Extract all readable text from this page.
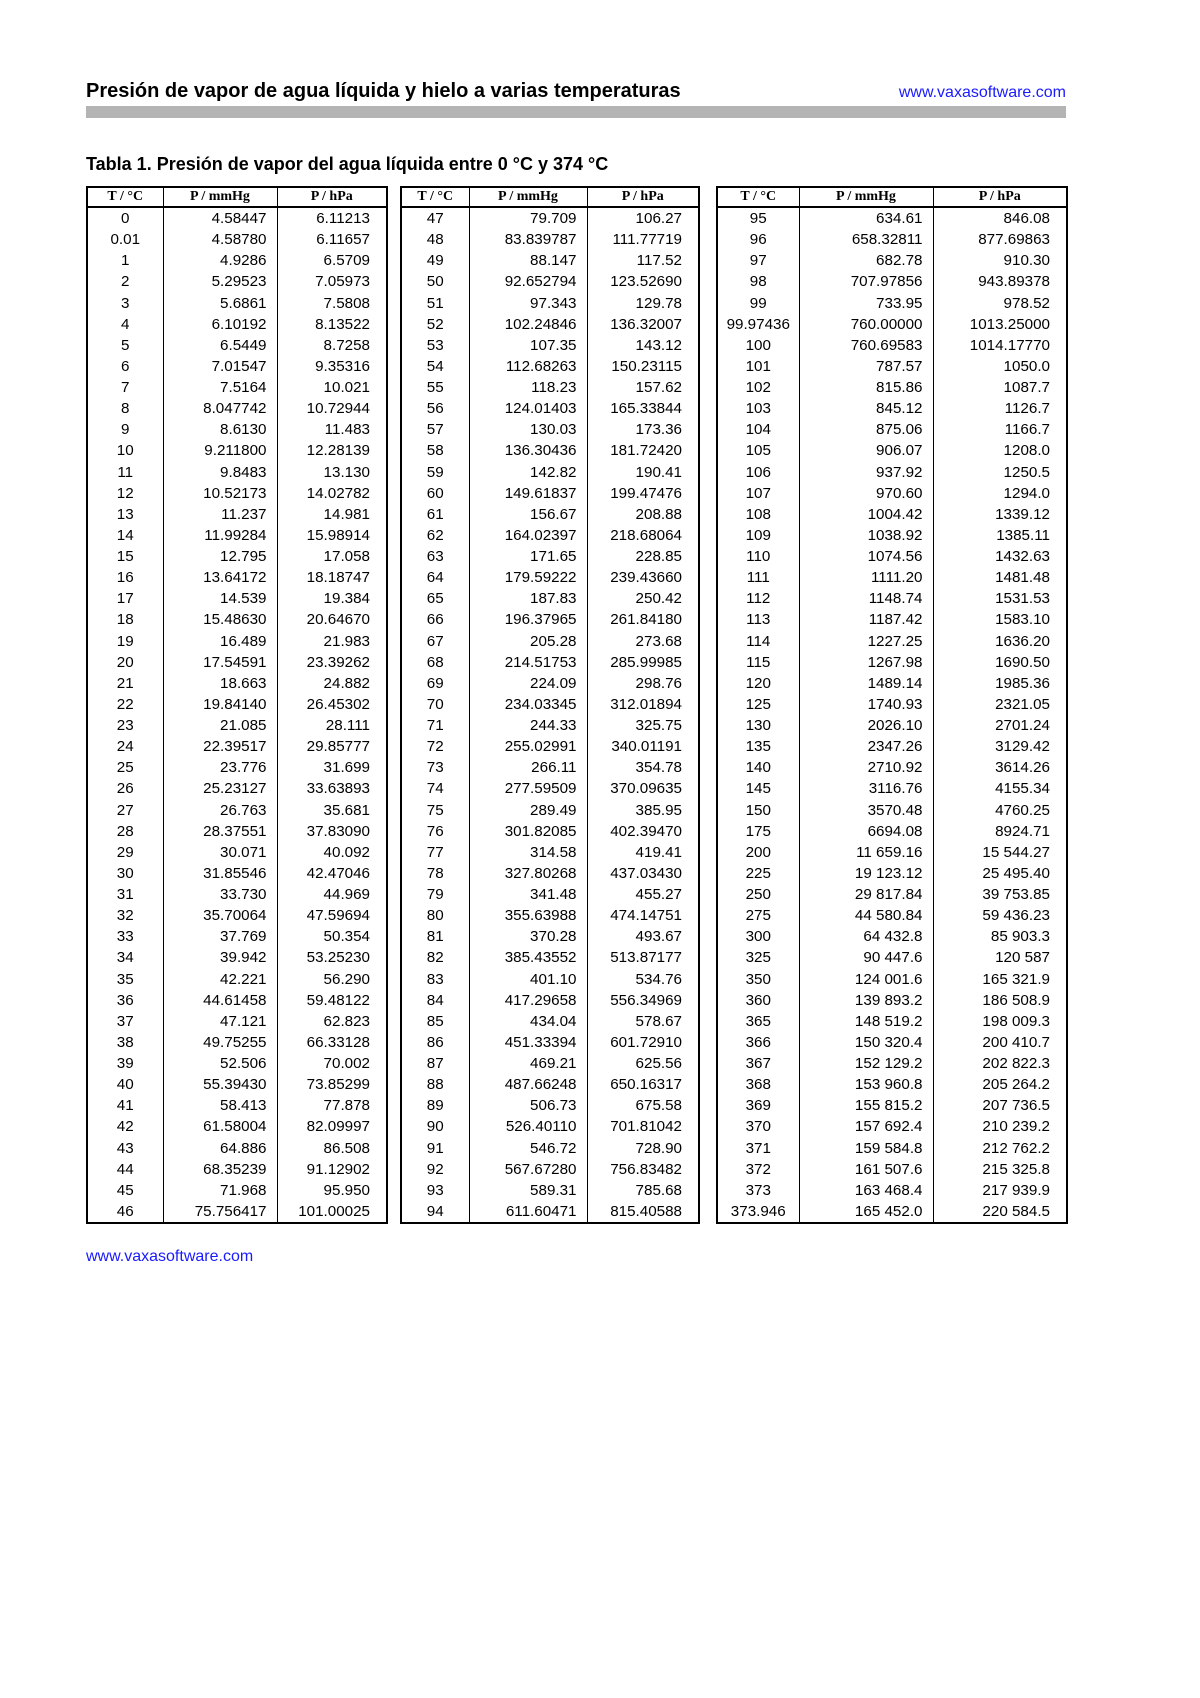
Presión de vapor de agua líquida y hielo a varias temperaturas	www.vaxasoftware.com
Tabla 1. Presión de vapor del agua líquida entre 0 °C y 374 °C
T / °C	P / mmHg	P / hPa
0	4.58447	6.11213
0.01	4.58780	6.11657
1	4.9286	6.5709
2	5.29523	7.05973
3	5.6861	7.5808
4	6.10192	8.13522
5	6.5449	8.7258
6	7.01547	9.35316
7	7.5164	10.021
8	8.047742	10.72944
9	8.6130	11.483
10	9.211800	12.28139
11	9.8483	13.130
12	10.52173	14.02782
13	11.237	14.981
14	11.99284	15.98914
15	12.795	17.058
16	13.64172	18.18747
17	14.539	19.384
18	15.48630	20.64670
19	16.489	21.983
20	17.54591	23.39262
21	18.663	24.882
22	19.84140	26.45302
23	21.085	28.111
24	22.39517	29.85777
25	23.776	31.699
26	25.23127	33.63893
27	26.763	35.681
28	28.37551	37.83090
29	30.071	40.092
30	31.85546	42.47046
31	33.730	44.969
32	35.70064	47.59694
33	37.769	50.354
34	39.942	53.25230
35	42.221	56.290
36	44.61458	59.48122
37	47.121	62.823
38	49.75255	66.33128
39	52.506	70.002
40	55.39430	73.85299
41	58.413	77.878
42	61.58004	82.09997
43	64.886	86.508
44	68.35239	91.12902
45	71.968	95.950
46	75.756417	101.00025
T / °C	P / mmHg	P / hPa
47	79.709	106.27
48	83.839787	111.77719
49	88.147	117.52
50	92.652794	123.52690
51	97.343	129.78
52	102.24846	136.32007
53	107.35	143.12
54	112.68263	150.23115
55	118.23	157.62
56	124.01403	165.33844
57	130.03	173.36
58	136.30436	181.72420
59	142.82	190.41
60	149.61837	199.47476
61	156.67	208.88
62	164.02397	218.68064
63	171.65	228.85
64	179.59222	239.43660
65	187.83	250.42
66	196.37965	261.84180
67	205.28	273.68
68	214.51753	285.99985
69	224.09	298.76
70	234.03345	312.01894
71	244.33	325.75
72	255.02991	340.01191
73	266.11	354.78
74	277.59509	370.09635
75	289.49	385.95
76	301.82085	402.39470
77	314.58	419.41
78	327.80268	437.03430
79	341.48	455.27
80	355.63988	474.14751
81	370.28	493.67
82	385.43552	513.87177
83	401.10	534.76
84	417.29658	556.34969
85	434.04	578.67
86	451.33394	601.72910
87	469.21	625.56
88	487.66248	650.16317
89	506.73	675.58
90	526.40110	701.81042
91	546.72	728.90
92	567.67280	756.83482
93	589.31	785.68
94	611.60471	815.40588
T / °C	P / mmHg	P / hPa
95	634.61	846.08
96	658.32811	877.69863
97	682.78	910.30
98	707.97856	943.89378
99	733.95	978.52
99.97436	760.00000	1013.25000
100	760.69583	1014.17770
101	787.57	1050.0
102	815.86	1087.7
103	845.12	1126.7
104	875.06	1166.7
105	906.07	1208.0
106	937.92	1250.5
107	970.60	1294.0
108	1004.42	1339.12
109	1038.92	1385.11
110	1074.56	1432.63
111	1111.20	1481.48
112	1148.74	1531.53
113	1187.42	1583.10
114	1227.25	1636.20
115	1267.98	1690.50
120	1489.14	1985.36
125	1740.93	2321.05
130	2026.10	2701.24
135	2347.26	3129.42
140	2710.92	3614.26
145	3116.76	4155.34
150	3570.48	4760.25
175	6694.08	8924.71
200	11 659.16	15 544.27
225	19 123.12	25 495.40
250	29 817.84	39 753.85
275	44 580.84	59 436.23
300	64 432.8	85 903.3
325	90 447.6	120 587
350	124 001.6	165 321.9
360	139 893.2	186 508.9
365	148 519.2	198 009.3
366	150 320.4	200 410.7
367	152 129.2	202 822.3
368	153 960.8	205 264.2
369	155 815.2	207 736.5
370	157 692.4	210 239.2
371	159 584.8	212 762.2
372	161 507.6	215 325.8
373	163 468.4	217 939.9
373.946	165 452.0	220 584.5
www.vaxasoftware.com
